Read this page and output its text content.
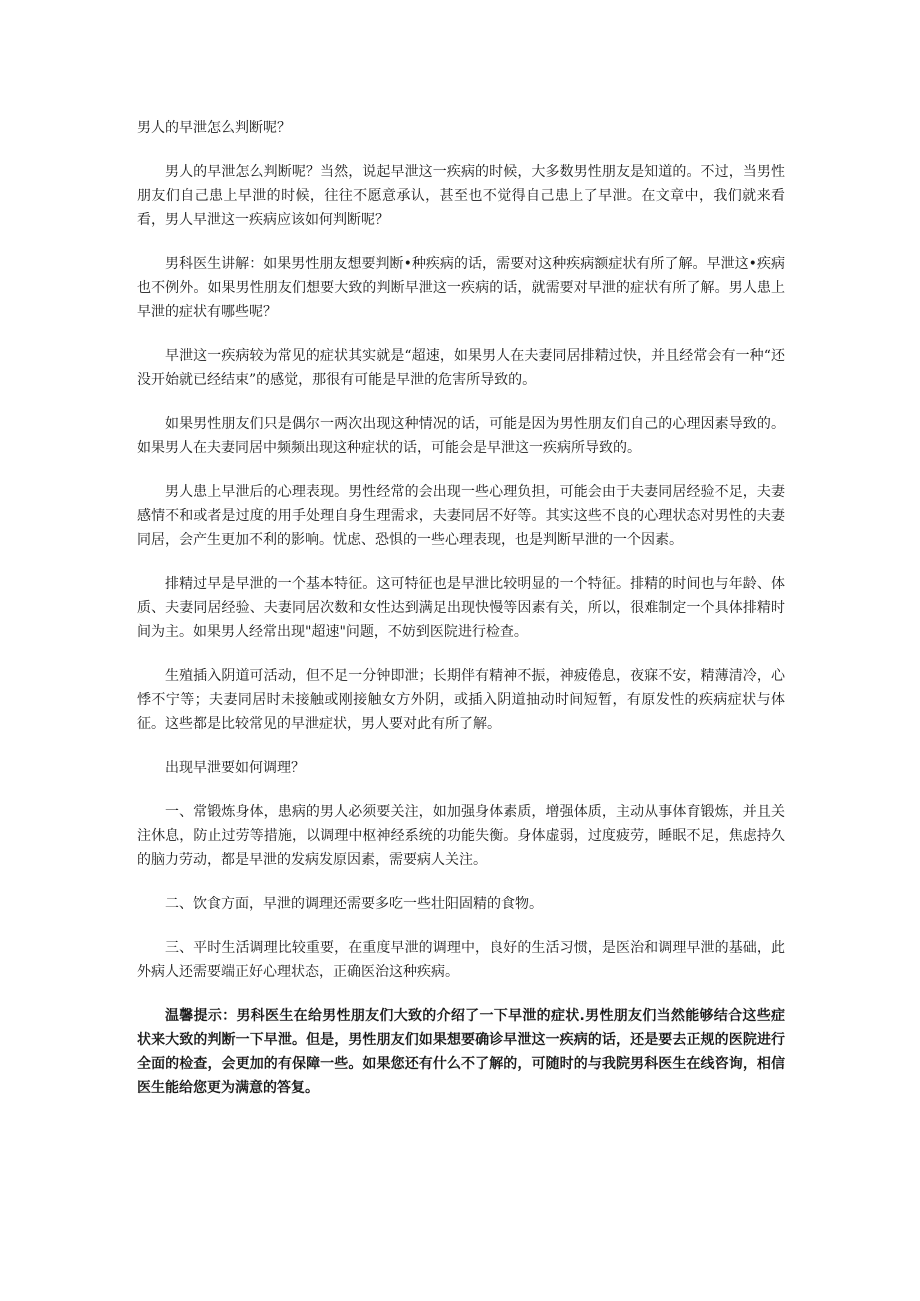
男人的早泄怎么判断呢？

男人的早泄怎么判断呢？当然，说起早泄这一疾病的时候，大多数男性朋友是知道的。不过，当男性朋友们自己患上早泄的时候，往往不愿意承认，甚至也不觉得自己患上了早泄。在文章中，我们就来看看，男人早泄这一疾病应该如何判断呢？

男科医生讲解：如果男性朋友想要判断•种疾病的话，需要对这种疾病额症状有所了解。早泄这•疾病也不例外。如果男性朋友们想要大致的判断早泄这一疾病的话，就需要对早泄的症状有所了解。男人患上早泄的症状有哪些呢？

早泄这一疾病较为常见的症状其实就是“超速，如果男人在夫妻同居排精过快，并且经常会有一种“还没开始就已经结束”的感觉，那很有可能是早泄的危害所导致的。

如果男性朋友们只是偶尔一两次出现这种情况的话，可能是因为男性朋友们自己的心理因素导致的。如果男人在夫妻同居中频频出现这种症状的话，可能会是早泄这一疾病所导致的。

男人患上早泄后的心理表现。男性经常的会出现一些心理负担，可能会由于夫妻同居经验不足，夫妻感情不和或者是过度的用手处理自身生理需求，夫妻同居不好等。其实这些不良的心理状态对男性的夫妻同居，会产生更加不利的影响。忧虑、恐惧的一些心理表现，也是判断早泄的一个因素。

排精过早是早泄的一个基本特征。这可特征也是早泄比较明显的一个特征。排精的时间也与年龄、体质、夫妻同居经验、夫妻同居次数和女性达到满足出现快慢等因素有关，所以，很难制定一个具体排精时间为主。如果男人经常出现"超速"问题，不妨到医院进行检查。

生殖插入阴道可活动，但不足一分钟即泄；长期伴有精神不振，神疲倦息，夜寐不安，精薄清冷，心悸不宁等；夫妻同居时未接触或刚接触女方外阴，或插入阴道抽动时间短暂，有原发性的疾病症状与体征。这些都是比较常见的早泄症状，男人要对此有所了解。

出现早泄要如何调理？

一、常锻炼身体，患病的男人必须要关注，如加强身体素质，增强体质，主动从事体育锻炼，并且关注休息，防止过劳等措施，以调理中枢神经系统的功能失衡。身体虚弱，过度疲劳，睡眠不足，焦虑持久的脑力劳动，都是早泄的发病发原因素，需要病人关注。

二、饮食方面，早泄的调理还需要多吃一些壮阳固精的食物。

三、平时生活调理比较重要，在重度早泄的调理中，良好的生活习惯，是医治和调理早泄的基础，此外病人还需要端正好心理状态，正确医治这种疾病。

温馨提示：男科医生在给男性朋友们大致的介绍了一下早泄的症状.男性朋友们当然能够结合这些症状来大致的判断一下早泄。但是，男性朋友们如果想要确诊早泄这一疾病的话，还是要去正规的医院进行全面的检查，会更加的有保障一些。如果您还有什么不了解的，可随时的与我院男科医生在线咨询，相信医生能给您更为满意的答复。
